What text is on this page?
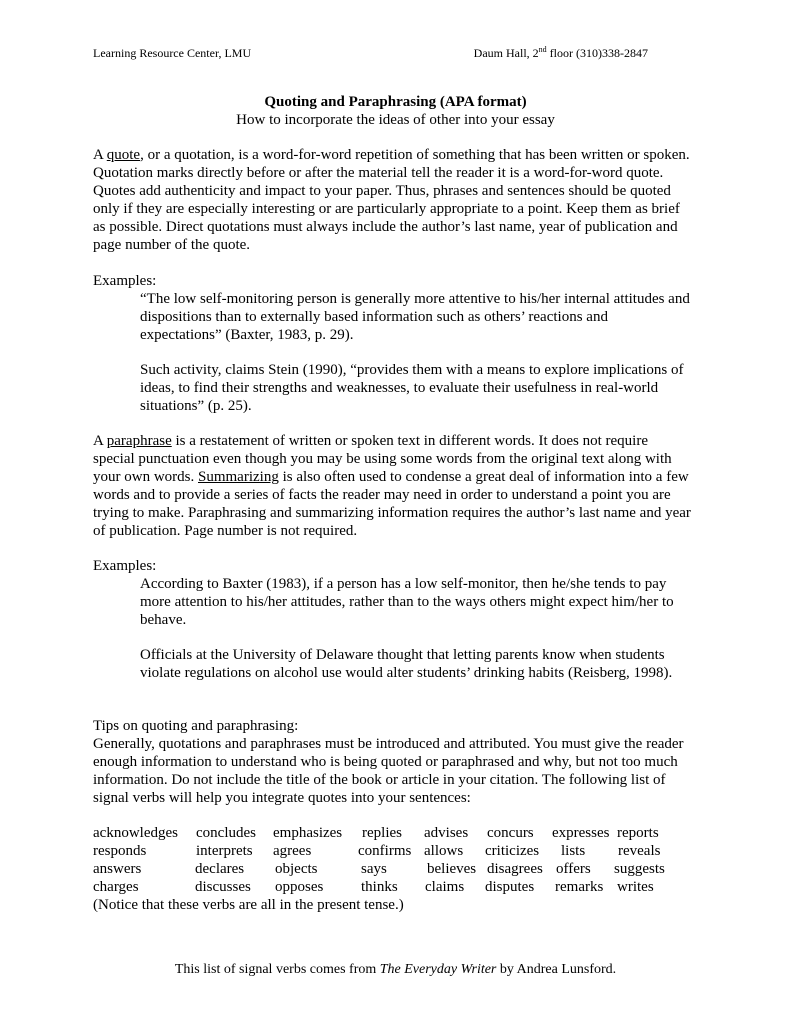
Learning Resource Center, LMU	Daum Hall, 2nd floor (310)338-2847
Quoting and Paraphrasing (APA format)
How to incorporate the ideas of other into your essay
A quote, or a quotation, is a word-for-word repetition of something that has been written or spoken. Quotation marks directly before or after the material tell the reader it is a word-for-word quote. Quotes add authenticity and impact to your paper. Thus, phrases and sentences should be quoted only if they are especially interesting or are particularly appropriate to a point. Keep them as brief as possible. Direct quotations must always include the author’s last name, year of publication and page number of the quote.
Examples:
“The low self-monitoring person is generally more attentive to his/her internal attitudes and dispositions than to externally based information such as others’ reactions and expectations” (Baxter, 1983, p. 29).
Such activity, claims Stein (1990), “provides them with a means to explore implications of ideas, to find their strengths and weaknesses, to evaluate their usefulness in real-world situations” (p. 25).
A paraphrase is a restatement of written or spoken text in different words. It does not require special punctuation even though you may be using some words from the original text along with your own words. Summarizing is also often used to condense a great deal of information into a few words and to provide a series of facts the reader may need in order to understand a point you are trying to make. Paraphrasing and summarizing information requires the author’s last name and year of publication. Page number is not required.
Examples:
According to Baxter (1983), if a person has a low self-monitor, then he/she tends to pay more attention to his/her attitudes, rather than to the ways others might expect him/her to behave.
Officials at the University of Delaware thought that letting parents know when students violate regulations on alcohol use would alter students’ drinking habits (Reisberg, 1998).
Tips on quoting and paraphrasing:
Generally, quotations and paraphrases must be introduced and attributed. You must give the reader enough information to understand who is being quoted or paraphrased and why, but not too much information. Do not include the title of the book or article in your citation. The following list of signal verbs will help you integrate quotes into your sentences:
acknowledges concludes emphasizes replies advises concurs expresses reports
responds	interprets agrees	confirms allows criticizes lists reveals
answers	declares objects	says	believes disagrees offers suggests
charges	discusses opposes	thinks claims disputes remarks writes
(Notice that these verbs are all in the present tense.)
This list of signal verbs comes from The Everyday Writer by Andrea Lunsford.
